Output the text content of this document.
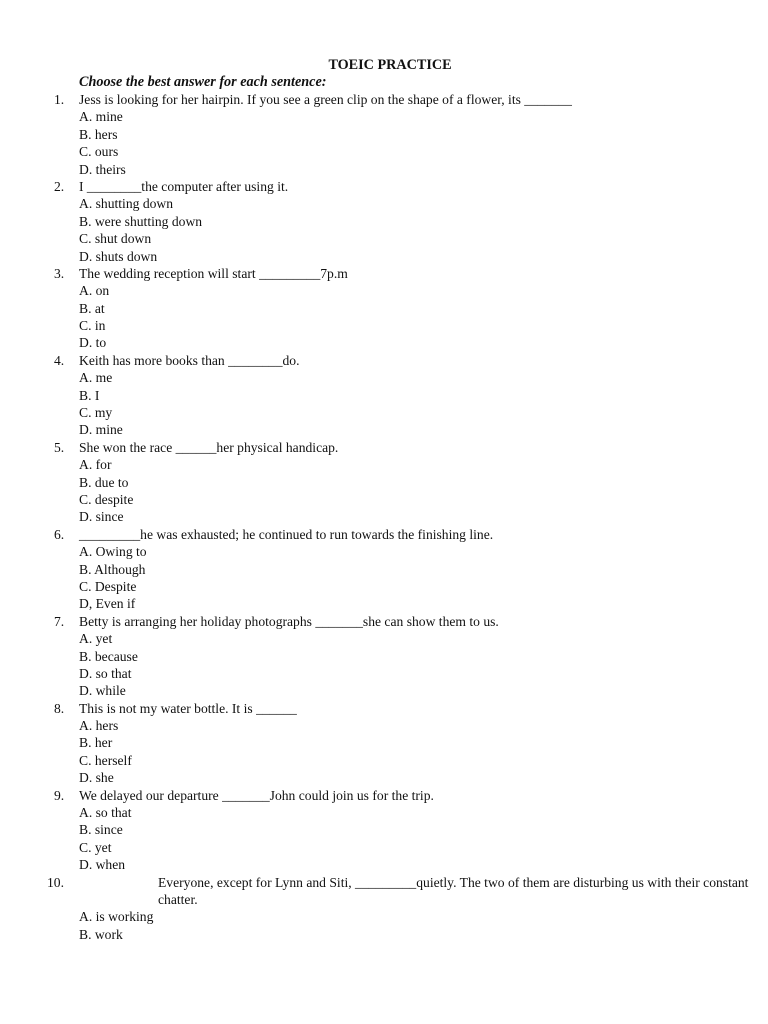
TOEIC PRACTICE
Choose the best answer for each sentence:
1.	Jess is looking for her hairpin. If you see a green clip on the shape of a flower, its _______
A. mine
B. hers
C. ours
D. theirs
2.	I ________the computer after using it.
A. shutting down
B. were shutting down
C. shut down
D. shuts down
3.	The wedding reception will start _________7p.m
A. on
B. at
C. in
D. to
4.	Keith has more books than ________do.
A. me
B. I
C. my
D. mine
5.	She won the race ______her physical handicap.
A. for
B. due to
C. despite
D. since
6.	_________he was exhausted; he continued to run towards the finishing line.
A. Owing to
B. Although
C. Despite
D, Even if
7.	Betty is arranging her holiday photographs _______she can show them to us.
A. yet
B. because
D. so that
D. while
8.	This is not my water bottle. It is ______
A. hers
B. her
C. herself
D. she
9.	We delayed our departure _______John could join us for the trip.
A. so that
B. since
C. yet
D. when
10.	Everyone, except for Lynn and Siti, _________quietly. The two of them are disturbing us with their constant chatter.
A. is working
B. work
